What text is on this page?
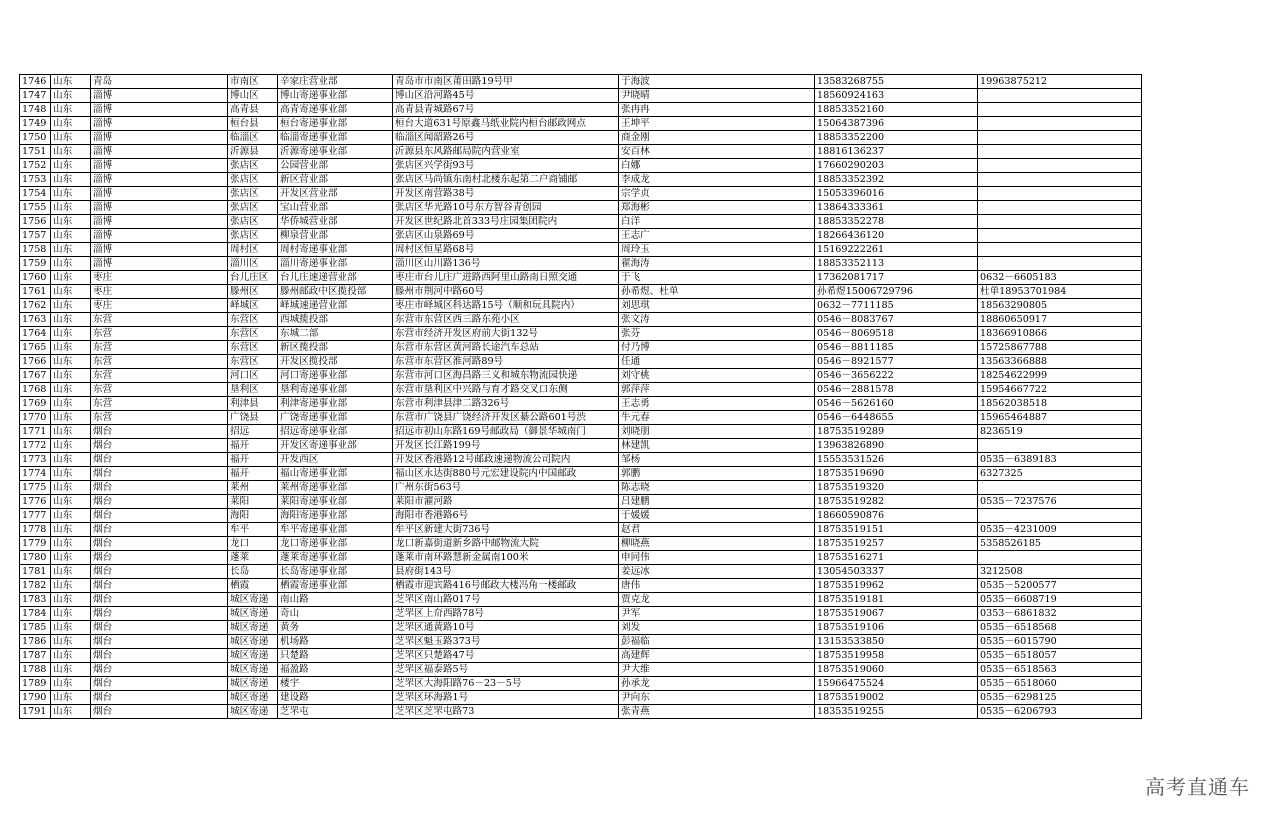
1746	山东	青岛	市南区	辛家庄营业部	青岛市市南区莆田路19号甲	于海波	13583268755	19963875212
1747	山东	淄博	博山区	博山寄递事业部	博山区沿河路45号	尹晓晴	18560924163	
1748	山东	淄博	高青县	高青寄递事业部	高青县青城路67号	张冉冉	18853352160	
1749	山东	淄博	桓台县	桓台寄递事业部	桓台大道631号原鑫马纸业院内桓台邮政网点	王坤平	15064387396	
1750	山东	淄博	临淄区	临淄寄递事业部	临淄区闻韶路26号	商金刚	18853352200	
1751	山东	淄博	沂源县	沂源寄递事业部	沂源县东风路邮局院内营业室	安百林	18816136237	
1752	山东	淄博	张店区	公园营业部	张店区兴学街93号	白娜	17660290203	
1753	山东	淄博	张店区	新区营业部	张店区马尚镇东南村北楼东起第二户商铺邮	李成龙	18853352392	
1754	山东	淄博	张店区	开发区营业部	开发区南营路38号	宗学贞	15053396016	
1755	山东	淄博	张店区	宝山营业部	张店区华光路10号东方智谷青创园	郑海彬	13864333361	
1756	山东	淄博	张店区	华侨城营业部	开发区世纪路北首333号庄园集团院内	白洋	18853352278	
1757	山东	淄博	张店区	柳泉营业部	张店区山泉路69号	王志广	18266436120	
1758	山东	淄博	周村区	周村寄递事业部	周村区恒星路68号	周玲玉	15169222261	
1759	山东	淄博	淄川区	淄川寄递事业部	淄川区山川路136号	翟海涛	18853352113	
1760	山东	枣庄	台儿庄区	台儿庄速递营业部	枣庄市台儿庄广进路西阿里山路南日照交通	于飞	17362081717	0632－6605183
1761	山东	枣庄	滕州区	滕州邮政中区揽投部	滕州市荆河中路60号	孙希煜、杜单	孙希煜15006729796	杜单18953701984
1762	山东	枣庄	峄城区	峄城速递营业部	枣庄市峄城区科达路15号（顺和玩具院内）	刘思琪	0632－7711185	18563290805
1763	山东	东营	东营区	西城揽投部	东营市东营区西三路东苑小区	张文涛	0546－8083767	18860650917
1764	山东	东营	东营区	东城二部	东营市经济开发区府前大街132号	张芬	0546－8069518	18366910866
1765	山东	东营	东营区	新区揽投部	东营市东营区黄河路长途汽车总站	付乃博	0546－8811185	15725867788
1766	山东	东营	东营区	开发区揽投部	东营市东营区淮河路89号	任通	0546－8921577	13563366888
1767	山东	东营	河口区	河口寄递事业部	东营市河口区海昌路三义和城东物流园快递	刘守桃	0546－3656222	18254622999
1768	山东	东营	垦利区	垦利寄递事业部	东营市垦利区中兴路与育才路交叉口东侧	郭萍萍	0546－2881578	15954667722
1769	山东	东营	利津县	利津寄递事业部	东营市利津县津二路326号	王志勇	0546－5626160	18562038518
1770	山东	东营	广饶县	广饶寄递事业部	东营市广饶县广饶经济开发区綦公路601号渋	牛元春	0546－6448655	15965464887
1771	山东	烟台	招远	招远寄递事业部	招远市初山东路169号邮政局（御景华城南门	刘晓朋	18753519289	8236519
1772	山东	烟台	福开	开发区寄递事业部	开发区长江路199号	林建凯	13963826890	
1773	山东	烟台	福开	开发西区	开发区香港路12号邮政速递物流公司院内	邹杨	15553531526	0535－6389183
1774	山东	烟台	福开	福山寄递事业部	福山区永达街880号元宏建设院内中国邮政	郭鹏	18753519690	6327325
1775	山东	烟台	莱州	莱州寄递事业部	广州东街563号	陈志晓	18753519320	
1776	山东	烟台	莱阳	莱阳寄递事业部	莱阳市濯河路	吕建鹏	18753519282	0535－7237576
1777	山东	烟台	海阳	海阳寄递事业部	海阳市香港路6号	于媛媛	18660590876	
1778	山东	烟台	牟平	牟平寄递事业部	牟平区新建大街736号	赵君	18753519151	0535－4231009
1779	山东	烟台	龙口	龙口寄递事业部	龙口新嘉街道新乡路中邮物流大院	柳晓燕	18753519257	5358526185
1780	山东	烟台	蓬莱	蓬莱寄递事业部	蓬莱市南环路慧新金属南100米	申同伟	18753516271	
1781	山东	烟台	长岛	长岛寄递事业部	县府街143号	姜远冰	13054503337	3212508
1782	山东	烟台	栖霞	栖霞寄递事业部	栖霞市迎宾路416号邮政大楼冯角一楼邮政	唐伟	18753519962	0535－5200577
1783	山东	烟台	城区寄递	南山路	芝罘区南山路017号	贾克龙	18753519181	0535－6608719
1784	山东	烟台	城区寄递	奇山	芝罘区上夼西路78号	尹军	18753519067	0353－6861832
1785	山东	烟台	城区寄递	黄务	芝罘区通黄路10号	刘发	18753519106	0535－6518568
1786	山东	烟台	城区寄递	机场路	芝罘区魁玉路373号	彭福临	13153533850	0535－6015790
1787	山东	烟台	城区寄递	只楚路	芝罘区只楚路47号	高建辉	18753519958	0535－6518057
1788	山东	烟台	城区寄递	福盈路	芝罘区福泰路5号	尹大维	18753519060	0535－6518563
1789	山东	烟台	城区寄递	楼宇	芝罘区大海阳路76－23－5号	孙承龙	15966475524	0535－6518060
1790	山东	烟台	城区寄递	建设路	芝罘区环海路1号	尹向东	18753519002	0535－6298125
1791	山东	烟台	城区寄递	芝罘屯	芝罘区芝罘屯路73	张青燕	18353519255	0535－6206793
高考直通车
